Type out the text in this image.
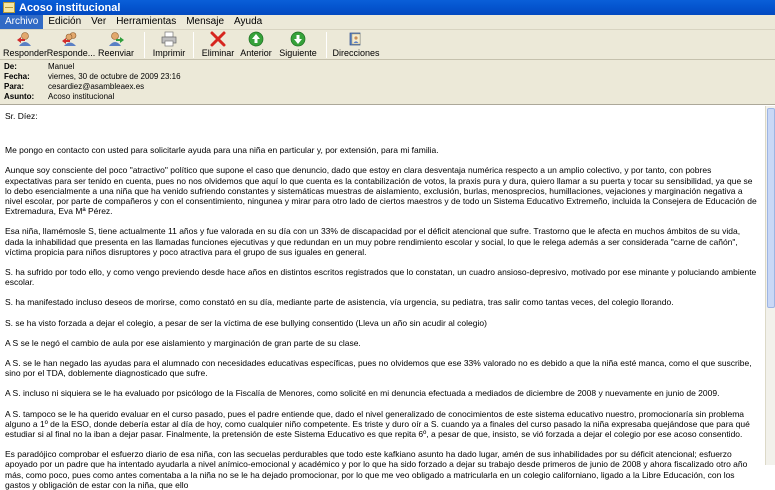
Acoso institucional
Archivo	Edición	Ver	Herramientas	Mensaje	Ayuda
Responder Responde... Reenviar Imprimir Eliminar Anterior Siguiente Direcciones
De:	Manuel
Fecha:	viernes, 30 de octubre de 2009 23:16
Para:	cesardiez@asambleaex.es
Asunto:	Acoso institucional

Sr. Díez:

Me pongo en contacto con usted para solicitarle ayuda para una niña en particular y, por extensión, para mi familia.

Aunque soy consciente del poco "atractivo" político que supone el caso que denuncio, dado que estoy en clara desventaja numérica respecto a un amplio colectivo, y por tanto, con pobres expectativas para ser tenido en cuenta, pues no nos olvidemos que aquí lo que cuenta es la contabilización de votos, la praxis pura y dura, quiero llamar a su puerta y tocar su sensibilidad, ya que se lo debo esencialmente a una niña que ha venido sufriendo constantes y sistemáticas muestras de aislamiento, exclusión, burlas, menosprecios, humillaciones, vejaciones y marginación negativa a nivel escolar, por parte de compañeros y con el consentimiento, ningunea y mirar para otro lado de ciertos maestros y de todo un Sistema Educativo Extremeño, incluida la Consejera de Educación de Extremadura, Eva Mª Pérez.

Esa niña, llamémosle S, tiene actualmente 11 años y fue valorada en su día con un 33% de discapacidad por el déficit atencional que sufre. Trastorno que le afecta en muchos ámbitos de su vida, dada la inhabilidad que presenta en las llamadas funciones ejecutivas y que redundan en un muy pobre rendimiento escolar y social, lo que le relega además a ser considerada "carne de cañón", víctima propicia para niños disruptores y poco atractiva para el grupo de sus iguales en general.

S. ha sufrido por todo ello, y como vengo previendo desde hace años en distintos escritos registrados que lo constatan, un cuadro ansioso-depresivo, motivado por ese minante y poluciando ambiente escolar.

S. ha manifestado incluso deseos de morirse, como constató en su día, mediante parte de asistencia, vía urgencia, su pediatra, tras salir como tantas veces, del colegio llorando.

S. se ha visto forzada a dejar el colegio, a pesar de ser la víctima de ese bullying consentido (Lleva un año sin acudir al colegio)

A S se le negó el cambio de aula por ese aislamiento y marginación de gran parte de su clase.

A S. se le han negado las ayudas para el alumnado con necesidades educativas específicas, pues no olvidemos que ese 33% valorado no es debido a que la niña esté manca, como el que suscribe, sino por el TDA, doblemente diagnosticado que sufre.

A S. incluso ni siquiera se le ha evaluado por psicólogo de la Fiscalía de Menores, como solicité en mi denuncia efectuada a mediados de diciembre de 2008 y nuevamente en junio de 2009.

A S. tampoco se le ha querido evaluar en el curso pasado, pues el padre entiende que, dado el nivel generalizado de conocimientos de este sistema educativo nuestro, promocionaría sin problema alguno a 1º de la ESO, donde debería estar al día de hoy, como cualquier niño competente. Es triste y duro oír a S. cuando ya a finales del curso pasado la niña expresaba quejándose que para qué estudiar si al final no la iban a dejar pasar. Finalmente, la pretensión de este Sistema Educativo es que repita 6º, a pesar de que, insisto, se vió forzada a dejar el colegio por ese acoso consentido.

Es paradójico comprobar el esfuerzo diario de esa niña, con las secuelas perdurables que todo este kafkiano asunto ha dado lugar, amén de sus inhabilidades por su déficit atencional; esfuerzo apoyado por un padre que ha intentado ayudarla a nivel anímico-emocional y académico y por lo que ha sido forzado a dejar su trabajo desde primeros de junio de 2008 y ahora fiscalizado otro año más, como poco, pues como antes comentaba a la niña no se le ha dejado promocionar, por lo que me veo obligado a matricularla en un colegio californiano, ligado a la Libre Educación, con los gastos y obligación de estar con la niña, que ello
